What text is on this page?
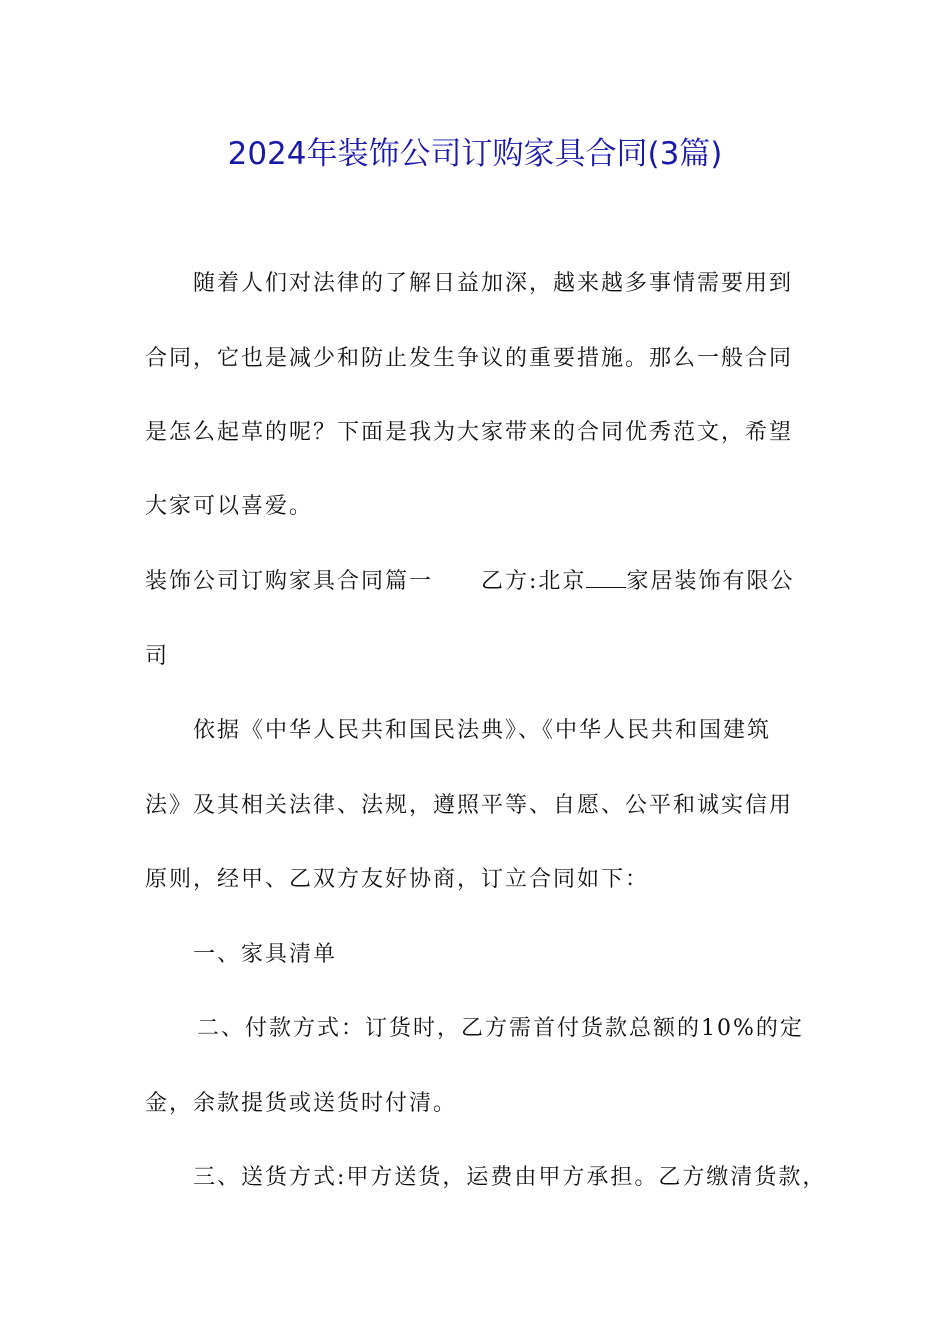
2024年装饰公司订购家具合同(3篇)
随着人们对法律的了解日益加深，越来越多事情需要用到
合同，它也是减少和防止发生争议的重要措施。那么一般合同
是怎么起草的呢？下面是我为大家带来的合同优秀范文，希望
大家可以喜爱。
装饰公司订购家具合同篇一 乙方:北京 家居装饰有限公
司
依据《中华人民共和国民法典》、《中华人民共和国建筑
法》及其相关法律、法规，遵照平等、自愿、公平和诚实信用
原则，经甲、乙双方友好协商，订立合同如下：
一、家具清单
二、付款方式：订货时，乙方需首付货款总额的10%的定
金，余款提货或送货时付清。
三、送货方式:甲方送货，运费由甲方承担。乙方缴清货款，
